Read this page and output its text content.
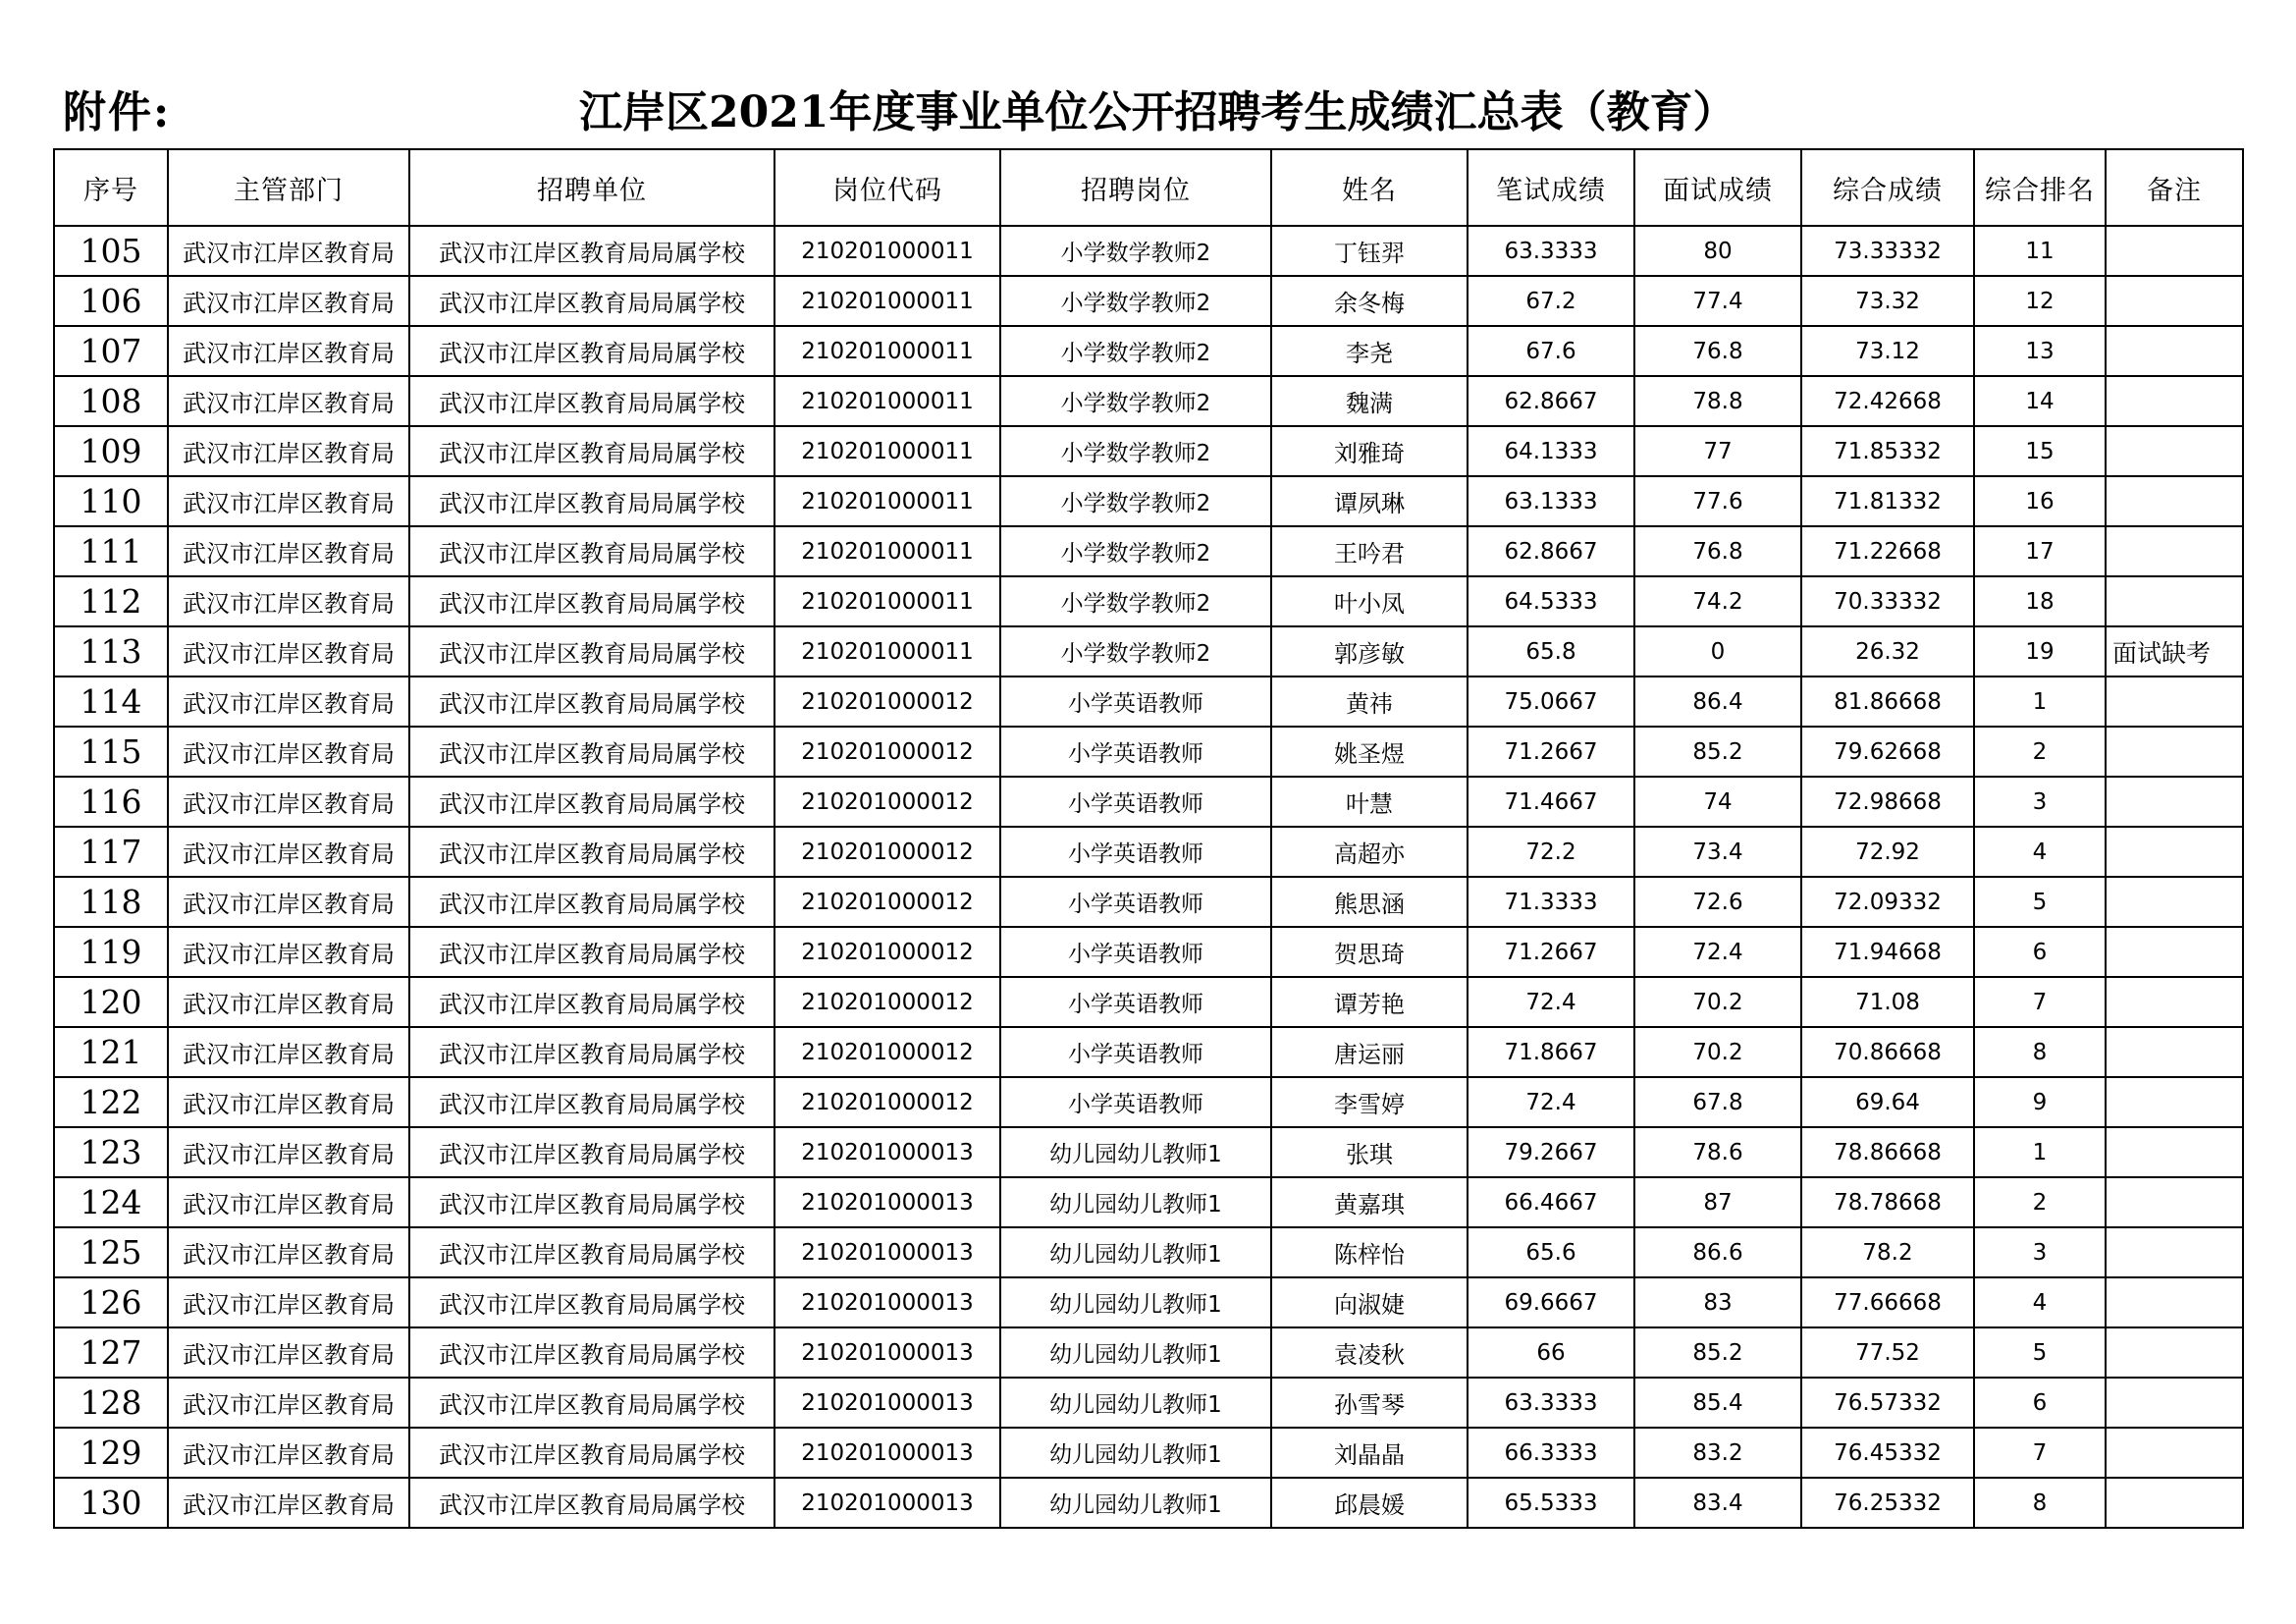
附件:	江岸区2021年度事业单位公开招聘考生成绩汇总表（教育）
序号	主管部门	招聘单位	岗位代码	招聘岗位	姓名	笔试成绩	面试成绩	综合成绩	综合排名	备注
105	武汉市江岸区教育局	武汉市江岸区教育局局属学校	210201000011	小学数学教师2	丁钰羿	63.3333	80	73.33332	11	
106	武汉市江岸区教育局	武汉市江岸区教育局局属学校	210201000011	小学数学教师2	余冬梅	67.2	77.4	73.32	12	
107	武汉市江岸区教育局	武汉市江岸区教育局局属学校	210201000011	小学数学教师2	李尧	67.6	76.8	73.12	13	
108	武汉市江岸区教育局	武汉市江岸区教育局局属学校	210201000011	小学数学教师2	魏满	62.8667	78.8	72.42668	14	
109	武汉市江岸区教育局	武汉市江岸区教育局局属学校	210201000011	小学数学教师2	刘雅琦	64.1333	77	71.85332	15	
110	武汉市江岸区教育局	武汉市江岸区教育局局属学校	210201000011	小学数学教师2	谭夙琳	63.1333	77.6	71.81332	16	
111	武汉市江岸区教育局	武汉市江岸区教育局局属学校	210201000011	小学数学教师2	王吟君	62.8667	76.8	71.22668	17	
112	武汉市江岸区教育局	武汉市江岸区教育局局属学校	210201000011	小学数学教师2	叶小凤	64.5333	74.2	70.33332	18	
113	武汉市江岸区教育局	武汉市江岸区教育局局属学校	210201000011	小学数学教师2	郭彦敏	65.8	0	26.32	19	面试缺考
114	武汉市江岸区教育局	武汉市江岸区教育局局属学校	210201000012	小学英语教师	黄祎	75.0667	86.4	81.86668	1	
115	武汉市江岸区教育局	武汉市江岸区教育局局属学校	210201000012	小学英语教师	姚圣煜	71.2667	85.2	79.62668	2	
116	武汉市江岸区教育局	武汉市江岸区教育局局属学校	210201000012	小学英语教师	叶慧	71.4667	74	72.98668	3	
117	武汉市江岸区教育局	武汉市江岸区教育局局属学校	210201000012	小学英语教师	高超亦	72.2	73.4	72.92	4	
118	武汉市江岸区教育局	武汉市江岸区教育局局属学校	210201000012	小学英语教师	熊思涵	71.3333	72.6	72.09332	5	
119	武汉市江岸区教育局	武汉市江岸区教育局局属学校	210201000012	小学英语教师	贺思琦	71.2667	72.4	71.94668	6	
120	武汉市江岸区教育局	武汉市江岸区教育局局属学校	210201000012	小学英语教师	谭芳艳	72.4	70.2	71.08	7	
121	武汉市江岸区教育局	武汉市江岸区教育局局属学校	210201000012	小学英语教师	唐运丽	71.8667	70.2	70.86668	8	
122	武汉市江岸区教育局	武汉市江岸区教育局局属学校	210201000012	小学英语教师	李雪婷	72.4	67.8	69.64	9	
123	武汉市江岸区教育局	武汉市江岸区教育局局属学校	210201000013	幼儿园幼儿教师1	张琪	79.2667	78.6	78.86668	1	
124	武汉市江岸区教育局	武汉市江岸区教育局局属学校	210201000013	幼儿园幼儿教师1	黄嘉琪	66.4667	87	78.78668	2	
125	武汉市江岸区教育局	武汉市江岸区教育局局属学校	210201000013	幼儿园幼儿教师1	陈梓怡	65.6	86.6	78.2	3	
126	武汉市江岸区教育局	武汉市江岸区教育局局属学校	210201000013	幼儿园幼儿教师1	向淑婕	69.6667	83	77.66668	4	
127	武汉市江岸区教育局	武汉市江岸区教育局局属学校	210201000013	幼儿园幼儿教师1	袁凌秋	66	85.2	77.52	5	
128	武汉市江岸区教育局	武汉市江岸区教育局局属学校	210201000013	幼儿园幼儿教师1	孙雪琴	63.3333	85.4	76.57332	6	
129	武汉市江岸区教育局	武汉市江岸区教育局局属学校	210201000013	幼儿园幼儿教师1	刘晶晶	66.3333	83.2	76.45332	7	
130	武汉市江岸区教育局	武汉市江岸区教育局局属学校	210201000013	幼儿园幼儿教师1	邱晨媛	65.5333	83.4	76.25332	8	
